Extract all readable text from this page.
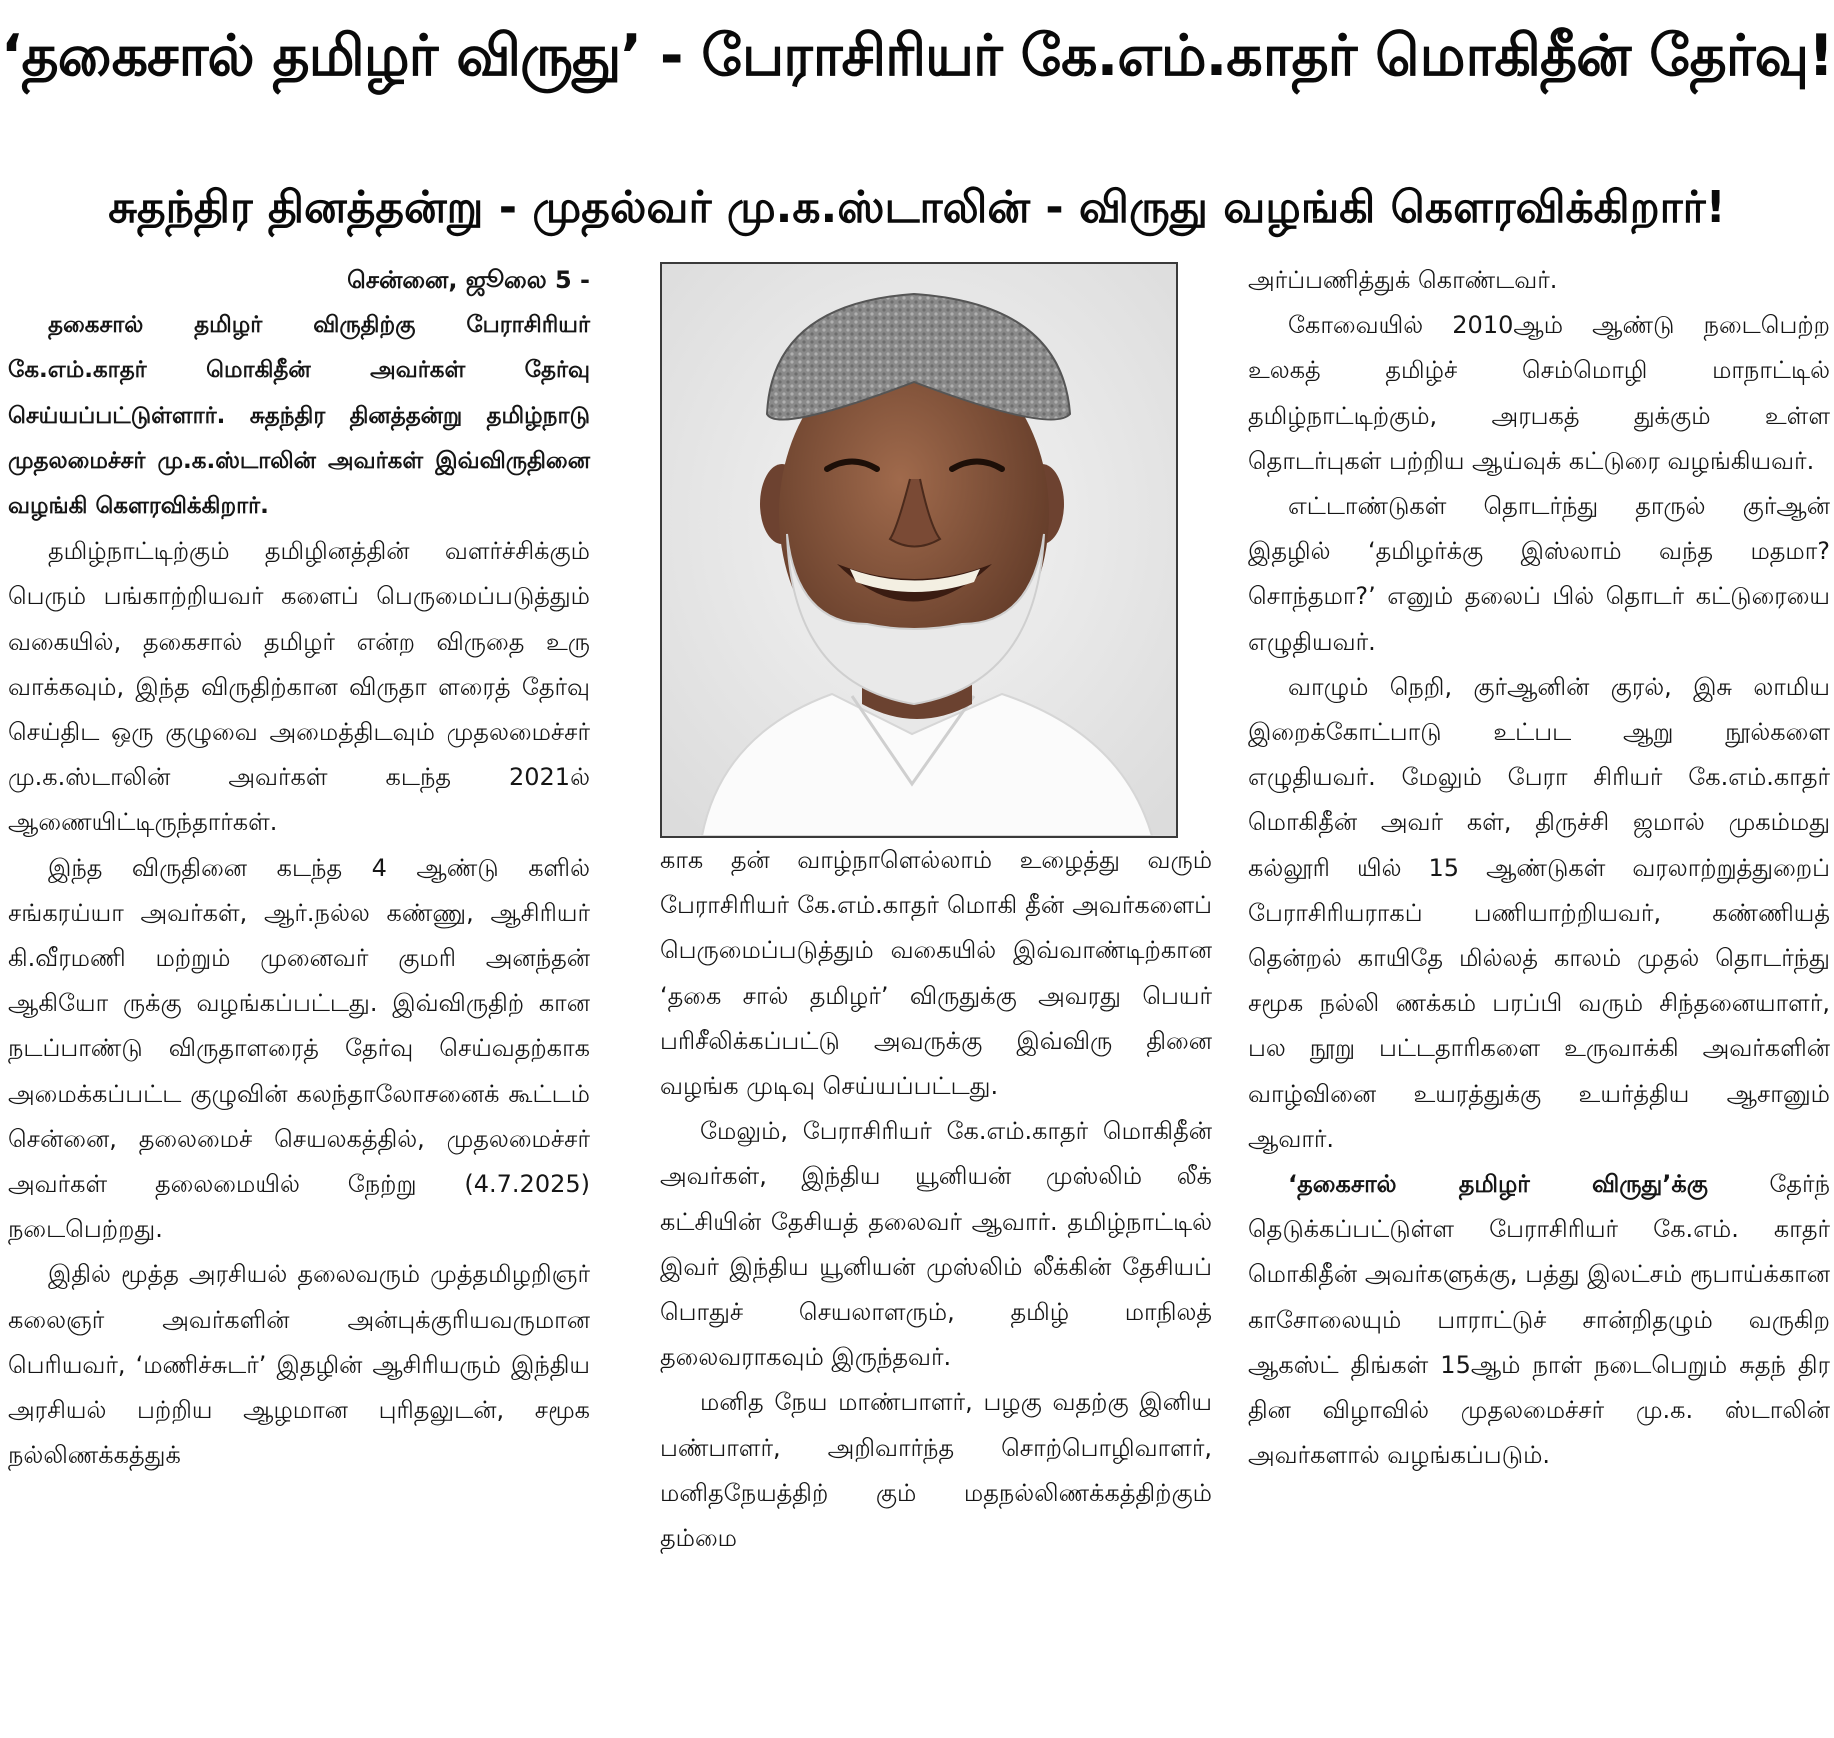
‘தகைசால் தமிழர் விருது’ - பேராசிரியர் கே.எம்.காதர் மொகிதீன் தேர்வு!
சுதந்திர தினத்தன்று - முதல்வர் மு.க.ஸ்டாலின் - விருது வழங்கி கௌரவிக்கிறார்!

சென்னை, ஜூலை 5 -

தகைசால் தமிழர் விருதிற்கு பேராசிரியர் கே.எம்.காதர் மொகிதீன் அவர்கள் தேர்வு செய்யப்பட்டுள்ளார். சுதந்திர தினத்தன்று தமிழ்நாடு முதலமைச்சர் மு.க.ஸ்டாலின் அவர்கள் இவ்விருதினை வழங்கி கௌரவிக்கிறார்.

தமிழ்நாட்டிற்கும் தமிழினத்தின் வளர்ச்சிக்கும் பெரும் பங்காற்றியவர் களைப் பெருமைப்படுத்தும் வகையில், தகைசால் தமிழர் என்ற விருதை உரு வாக்கவும், இந்த விருதிற்கான விருதா ளரைத் தேர்வு செய்திட ஒரு குழுவை அமைத்திடவும் முதலமைச்சர் மு.க.ஸ்டாலின் அவர்கள் கடந்த 2021ல் ஆணையிட்டிருந்தார்கள்.

இந்த விருதினை கடந்த 4 ஆண்டு களில் சங்கரய்யா அவர்கள், ஆர்.நல்ல கண்ணு, ஆசிரியர் கி.வீரமணி மற்றும் முனைவர் குமரி அனந்தன் ஆகியோ ருக்கு வழங்கப்பட்டது. இவ்விருதிற் கான நடப்பாண்டு விருதாளரைத் தேர்வு செய்வதற்காக அமைக்கப்பட்ட குழுவின் கலந்தாலோசனைக் கூட்டம் சென்னை, தலைமைச் செயலகத்தில், முதலமைச்சர் அவர்கள் தலைமையில் நேற்று (4.7.2025) நடைபெற்றது.

இதில் மூத்த அரசியல் தலைவரும் முத்தமிழறிஞர் கலைஞர் அவர்களின் அன்புக்குரியவருமான பெரியவர், ‘மணிச்சுடர்’ இதழின் ஆசிரியரும் இந்திய அரசியல் பற்றிய ஆழமான புரிதலுடன், சமூக நல்லிணக்கத்துக்

காக தன் வாழ்நாளெல்லாம் உழைத்து வரும் பேராசிரியர் கே.எம்.காதர் மொகி தீன் அவர்களைப் பெருமைப்படுத்தும் வகையில் இவ்வாண்டிற்கான ‘தகை சால் தமிழர்’ விருதுக்கு அவரது பெயர் பரிசீலிக்கப்பட்டு அவருக்கு இவ்விரு தினை வழங்க முடிவு செய்யப்பட்டது.

மேலும், பேராசிரியர் கே.எம்.காதர் மொகிதீன் அவர்கள், இந்திய யூனியன் முஸ்லிம் லீக் கட்சியின் தேசியத் தலைவர் ஆவார். தமிழ்நாட்டில் இவர் இந்திய யூனியன் முஸ்லிம் லீக்கின் தேசியப் பொதுச் செயலாளரும், தமிழ் மாநிலத் தலைவராகவும் இருந்தவர்.

மனித நேய மாண்பாளர், பழகு வதற்கு இனிய பண்பாளர், அறிவார்ந்த சொற்பொழிவாளர், மனிதநேயத்திற் கும் மதநல்லிணக்கத்திற்கும் தம்மை

அர்ப்பணித்துக் கொண்டவர்.

கோவையில் 2010ஆம் ஆண்டு நடைபெற்ற உலகத் தமிழ்ச் செம்மொழி மாநாட்டில் தமிழ்நாட்டிற்கும், அரபகத் துக்கும் உள்ள தொடர்புகள் பற்றிய ஆய்வுக் கட்டுரை வழங்கியவர்.

எட்டாண்டுகள் தொடர்ந்து தாருல் குர்ஆன் இதழில் ‘தமிழர்க்கு இஸ்லாம் வந்த மதமா? சொந்தமா?’ எனும் தலைப் பில் தொடர் கட்டுரையை எழுதியவர்.

வாழும் நெறி, குர்ஆனின் குரல், இசு லாமிய இறைக்கோட்பாடு உட்பட ஆறு நூல்களை எழுதியவர். மேலும் பேரா சிரியர் கே.எம்.காதர் மொகிதீன் அவர் கள், திருச்சி ஜமால் முகம்மது கல்லூரி யில் 15 ஆண்டுகள் வரலாற்றுத்துறைப் பேராசிரியராகப் பணியாற்றியவர், கண்ணியத் தென்றல் காயிதே மில்லத் காலம் முதல் தொடர்ந்து சமூக நல்லி ணக்கம் பரப்பி வரும் சிந்தனையாளர், பல நூறு பட்டதாரிகளை உருவாக்கி அவர்களின் வாழ்வினை உயரத்துக்கு உயர்த்திய ஆசானும் ஆவார்.

‘தகைசால் தமிழர் விருது’க்கு தேர்ந் தெடுக்கப்பட்டுள்ள பேராசிரியர் கே.எம். காதர் மொகிதீன் அவர்களுக்கு, பத்து இலட்சம் ரூபாய்க்கான காசோலையும் பாராட்டுச் சான்றிதழும் வருகிற ஆகஸ்ட் திங்கள் 15ஆம் நாள் நடைபெறும் சுதந் திர தின விழாவில் முதலமைச்சர் மு.க. ஸ்டாலின் அவர்களால் வழங்கப்படும்.
